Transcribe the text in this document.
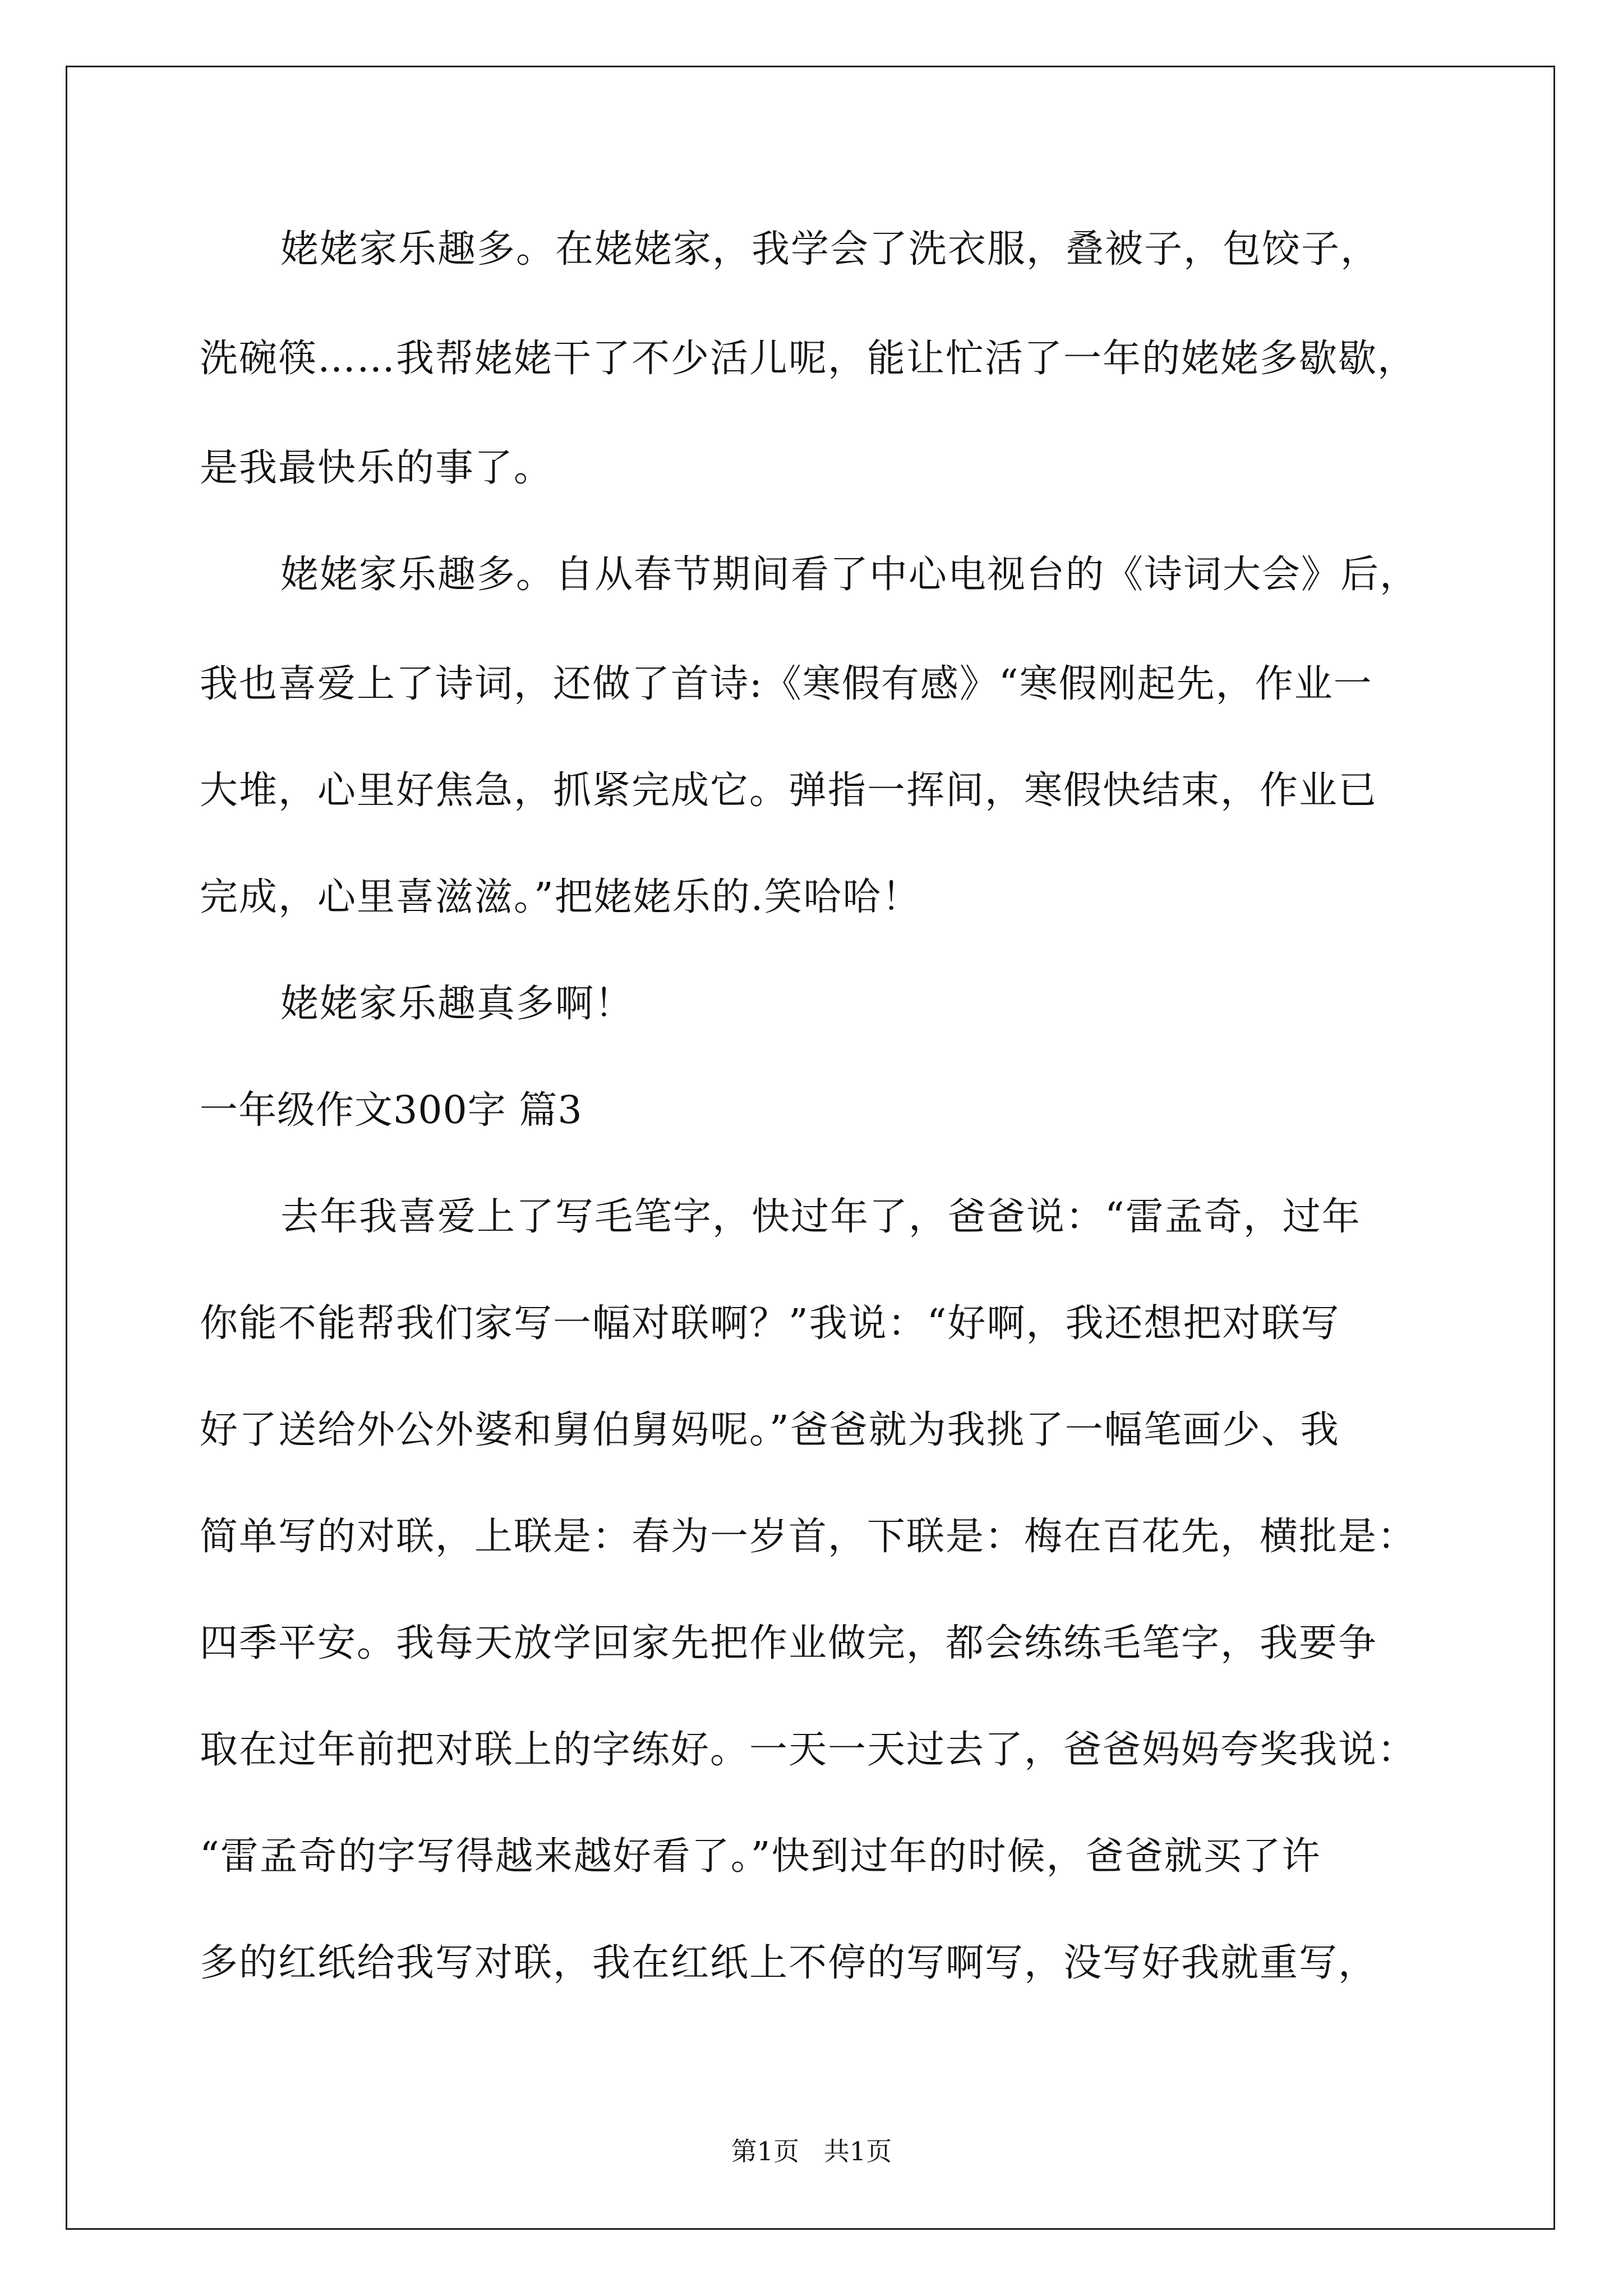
姥姥家乐趣多。在姥姥家，我学会了洗衣服，叠被子，包饺子，
洗碗筷……我帮姥姥干了不少活儿呢，能让忙活了一年的姥姥多歇歇，
是我最快乐的事了。
姥姥家乐趣多。自从春节期间看了中心电视台的《诗词大会》后，
我也喜爱上了诗词，还做了首诗:《寒假有感》“寒假刚起先，作业一
大堆，心里好焦急，抓紧完成它。弹指一挥间，寒假快结束，作业已
完成，心里喜滋滋。”把姥姥乐的.笑哈哈！
姥姥家乐趣真多啊！
一年级作文300字 篇3
去年我喜爱上了写毛笔字，快过年了，爸爸说：“雷孟奇，过年
你能不能帮我们家写一幅对联啊？”我说：“好啊，我还想把对联写
好了送给外公外婆和舅伯舅妈呢。”爸爸就为我挑了一幅笔画少、我
简单写的对联，上联是：春为一岁首，下联是：梅在百花先，横批是：
四季平安。我每天放学回家先把作业做完，都会练练毛笔字，我要争
取在过年前把对联上的字练好。一天一天过去了，爸爸妈妈夸奖我说：
“雷孟奇的字写得越来越好看了。”快到过年的时候，爸爸就买了许
多的红纸给我写对联，我在红纸上不停的写啊写，没写好我就重写，
第1页   共1页
